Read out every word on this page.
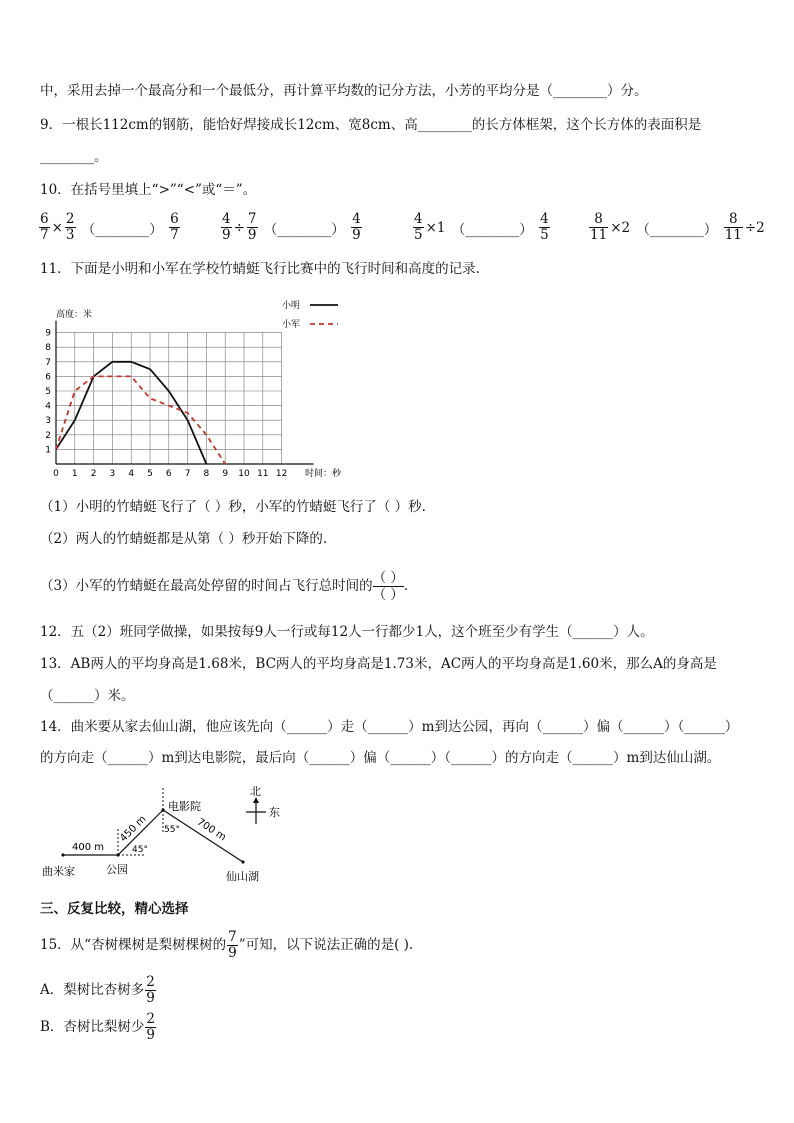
中，采用去掉一个最高分和一个最低分，再计算平均数的记分方法，小芳的平均分是（________）分。
9．一根长112cm的钢筋，能恰好焊接成长12cm、宽8cm、高________的长方体框架，这个长方体的表面积是
________。
10．在括号里填上“>”“<”或“＝”。
$\frac{6}{7} \times \frac{2}{3}$ （________） $\frac{6}{7}$	$\frac{4}{9} \div \frac{7}{9}$ （________） $\frac{4}{9}$	$\frac{4}{5} \times 1$ （________） $\frac{4}{5}$	$\frac{8}{11} \times 2$ （________） $\frac{8}{11} \div 2$
11．下面是小明和小军在学校竹蜻蜓飞行比赛中的飞行时间和高度的记录.
0 1 2 3 4 5 6 7 8 9 10 11 12
1
2
3
4
5
6
7
8
9
高度：米
时间：秒
小明
小军
（1）小明的竹蜻蜓飞行了（ ）秒，小军的竹蜻蜓飞行了（ ）秒.
（2）两人的竹蜻蜓都是从第（ ）秒开始下降的.
（3）小军的竹蜻蜓在最高处停留的时间占飞行总时间的 （ ）
（ ）
.
12．五（2）班同学做操，如果按每9人一行或每12人一行都少1人，这个班至少有学生（______）人。
13．AB两人的平均身高是1.68米，BC两人的平均身高是1.73米，AC两人的平均身高是1.60米，那么A的身高是
（______）米。
14．曲米要从家去仙山湖，他应该先向（______）走（______）m到达公园，再向（______）偏（______）（______）
的方向走（______）m到达电影院，最后向（______）偏（______）（______）的方向走（______）m到达仙山湖。
曲米家	公园
电影院
仙山湖
400 m
450 m	700 m
45°
55°
北
东
三、反复比较，精心选择
15．从“杏树棵树是梨树棵树的 $\frac{7}{9}$ ”可知，以下说法正确的是( ).
A．梨树比杏树多 $\frac{2}{9}$
B．杏树比梨树少 $\frac{2}{9}$
